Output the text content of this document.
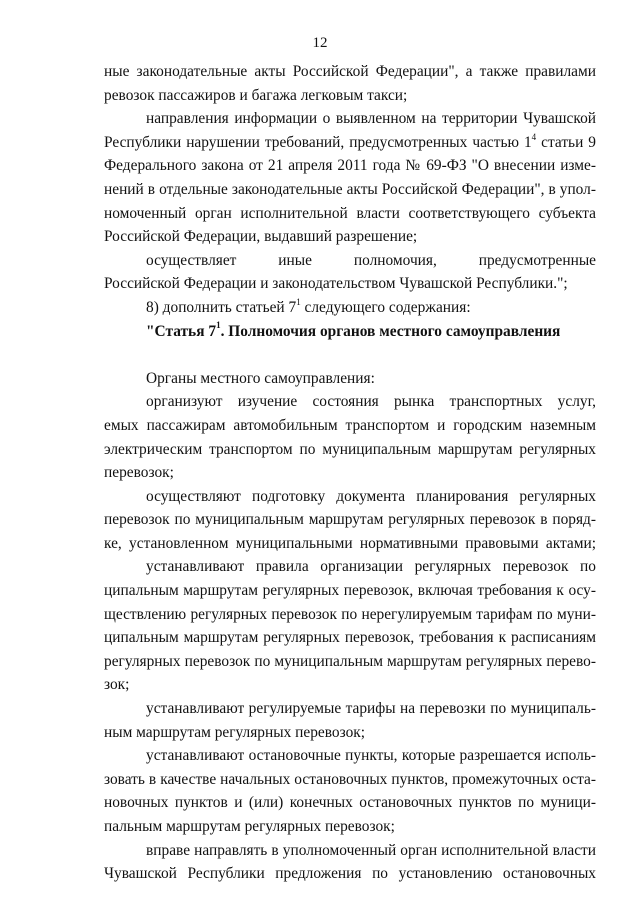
12
ные законодательные акты Российской Федерации", а также правилами
ревозок пассажиров и багажа легковым такси;
направления информации о выявленном на территории Чувашской
Республики нарушении требований, предусмотренных частью $1^4$ статьи 9
Федерального закона от 21 апреля 2011 года № 69-ФЗ "О внесении изме-
нений в отдельные законодательные акты Российской Федерации", в упол-
номоченный орган исполнительной власти соответствующего субъекта
Российской Федерации, выдавший разрешение;
осуществляет иные полномочия, предусмотренные
Российской Федерации и законодательством Чувашской Республики.";
8) дополнить статьей $7^1$ следующего содержания:
"Статья $7^1$. Полномочия органов местного самоуправления
Органы местного самоуправления:
организуют изучение состояния рынка транспортных услуг,
емых пассажирам автомобильным транспортом и городским наземным
электрическим транспортом по муниципальным маршрутам регулярных
перевозок;
осуществляют подготовку документа планирования регулярных
перевозок по муниципальным маршрутам регулярных перевозок в поряд-
ке, установленном муниципальными нормативными правовыми актами;
устанавливают правила организации регулярных перевозок по
ципальным маршрутам регулярных перевозок, включая требования к осу-
ществлению регулярных перевозок по нерегулируемым тарифам по муни-
ципальным маршрутам регулярных перевозок, требования к расписаниям
регулярных перевозок по муниципальным маршрутам регулярных перево-
зок;
устанавливают регулируемые тарифы на перевозки по муниципаль-
ным маршрутам регулярных перевозок;
устанавливают остановочные пункты, которые разрешается исполь-
зовать в качестве начальных остановочных пунктов, промежуточных оста-
новочных пунктов и (или) конечных остановочных пунктов по муници-
пальным маршрутам регулярных перевозок;
вправе направлять в уполномоченный орган исполнительной власти
Чувашской Республики предложения по установлению остановочных
